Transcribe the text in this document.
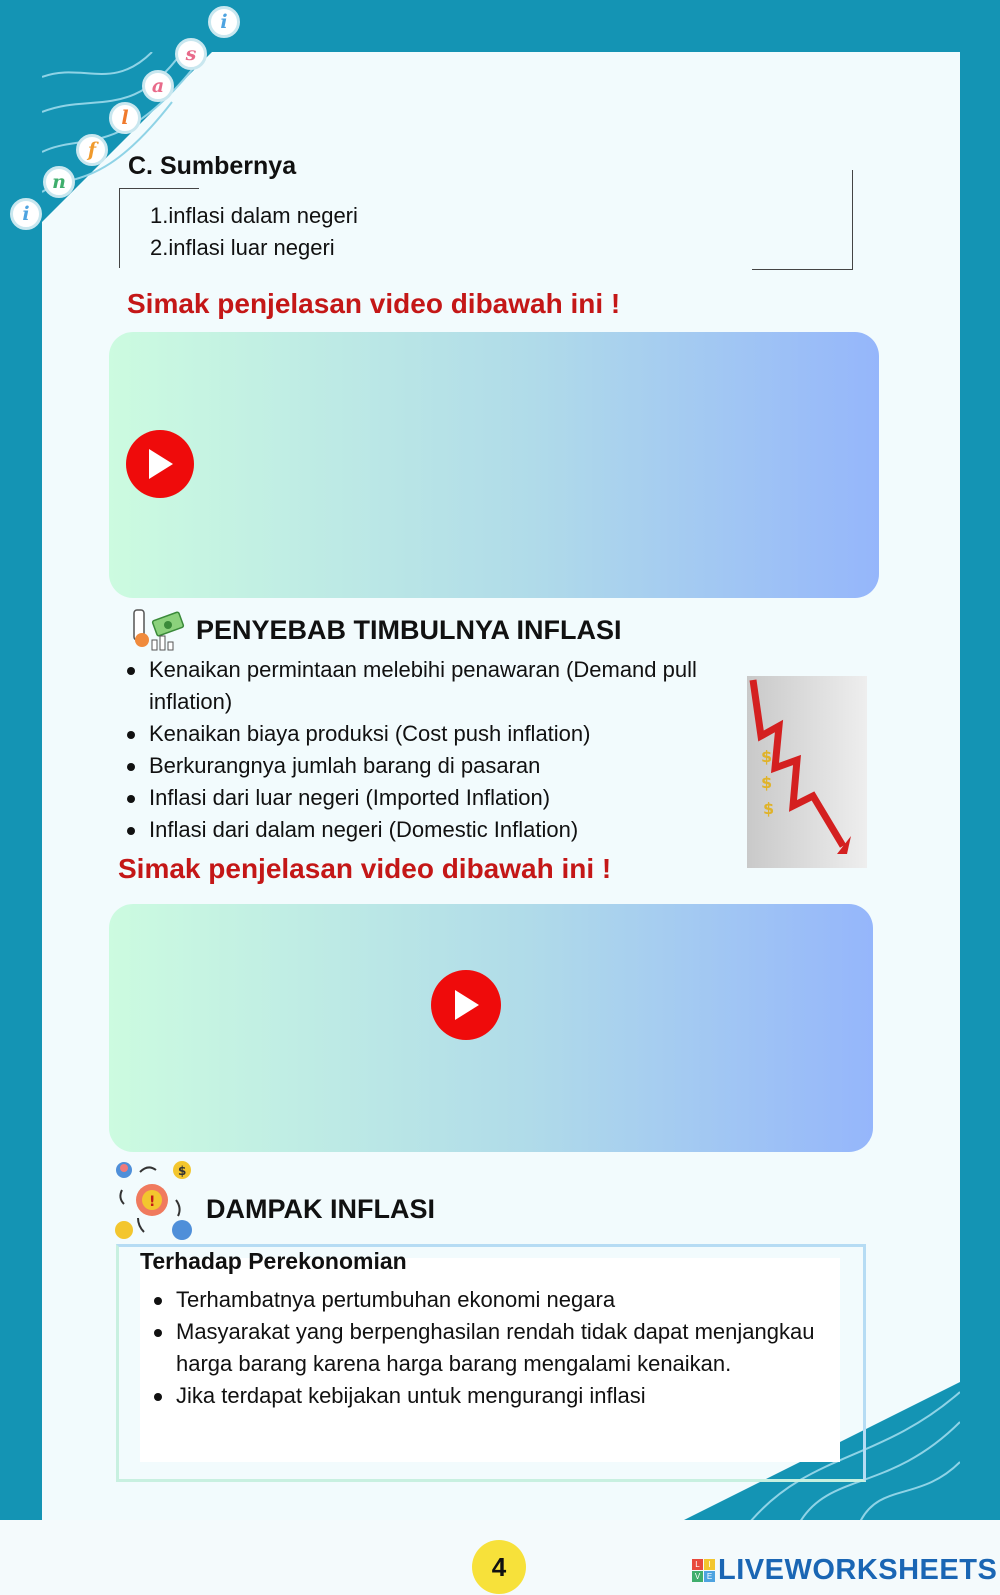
C. Sumbernya
1.inflasi dalam negeri
2.inflasi luar negeri
Simak penjelasan video dibawah ini !
PENYEBAB TIMBULNYA INFLASI
Kenaikan permintaan melebihi penawaran (Demand pull inflation)
Kenaikan biaya produksi (Cost push inflation)
Berkurangnya jumlah barang di pasaran
Inflasi dari luar negeri (Imported Inflation)
Inflasi dari dalam negeri (Domestic Inflation)
$
$
$
Simak penjelasan video dibawah ini !
$
! DAMPAK INFLASI
Terhadap Perekonomian
Terhambatnya pertumbuhan ekonomi negara
Masyarakat yang berpenghasilan rendah tidak dapat menjangkau harga barang karena harga barang mengalami kenaikan.
Jika terdapat kebijakan untuk mengurangi inflasi
i
n
f
l
a
s
i
4	L	I
V E LIVEWORKSHEETS
